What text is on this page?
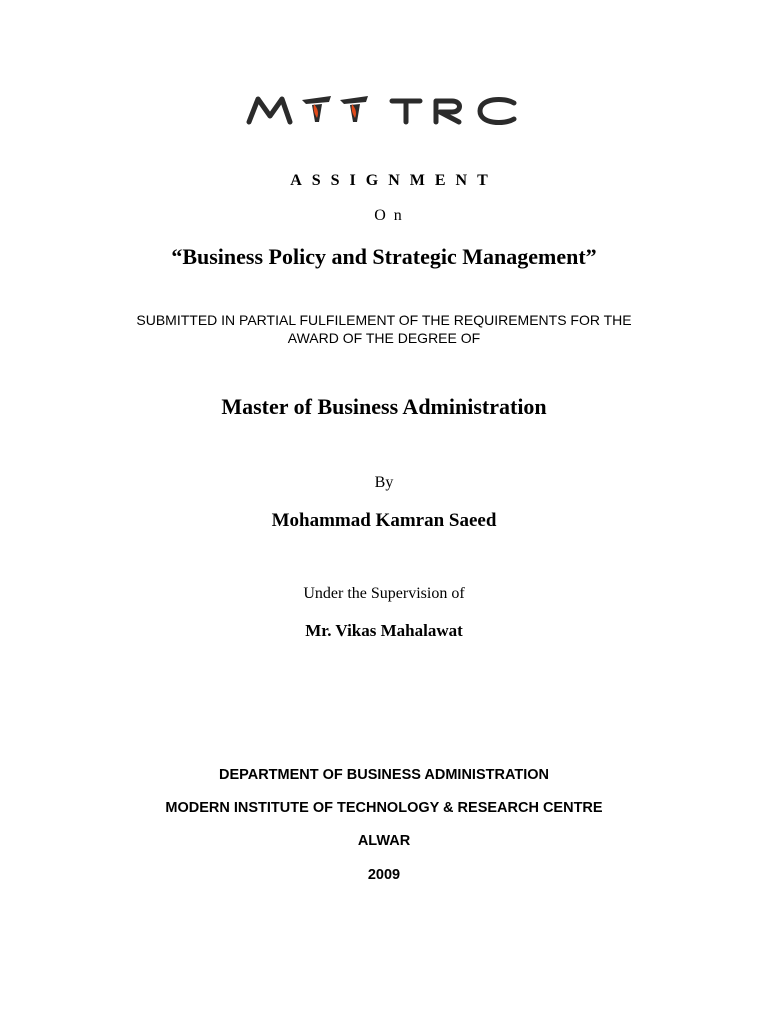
MITRC
ASSIGNMENT
On
“Business Policy and Strategic Management”
SUBMITTED IN PARTIAL FULFILEMENT OF THE REQUIREMENTS FOR THE
AWARD OF THE DEGREE OF
Master of Business Administration
By
Mohammad Kamran Saeed
Under the Supervision of
Mr. Vikas Mahalawat
DEPARTMENT OF BUSINESS ADMINISTRATION
MODERN INSTITUTE OF TECHNOLOGY & RESEARCH CENTRE
ALWAR
2009
